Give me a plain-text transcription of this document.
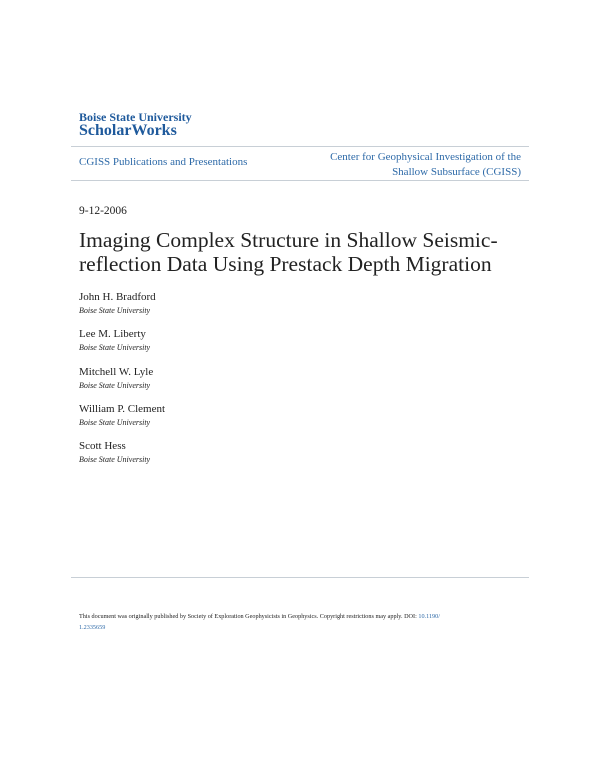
Boise State University
ScholarWorks
CGISS Publications and Presentations	Center for Geophysical Investigation of the
Shallow Subsurface (CGISS)
9-12-2006
Imaging Complex Structure in Shallow Seismic-
reflection Data Using Prestack Depth Migration
John H. Bradford
Boise State University
Lee M. Liberty
Boise State University
Mitchell W. Lyle
Boise State University
William P. Clement
Boise State University
Scott Hess
Boise State University
This document was originally published by Society of Exploration Geophysicists in Geophysics. Copyright restrictions may apply. DOI: 10.1190/
1.2335659
